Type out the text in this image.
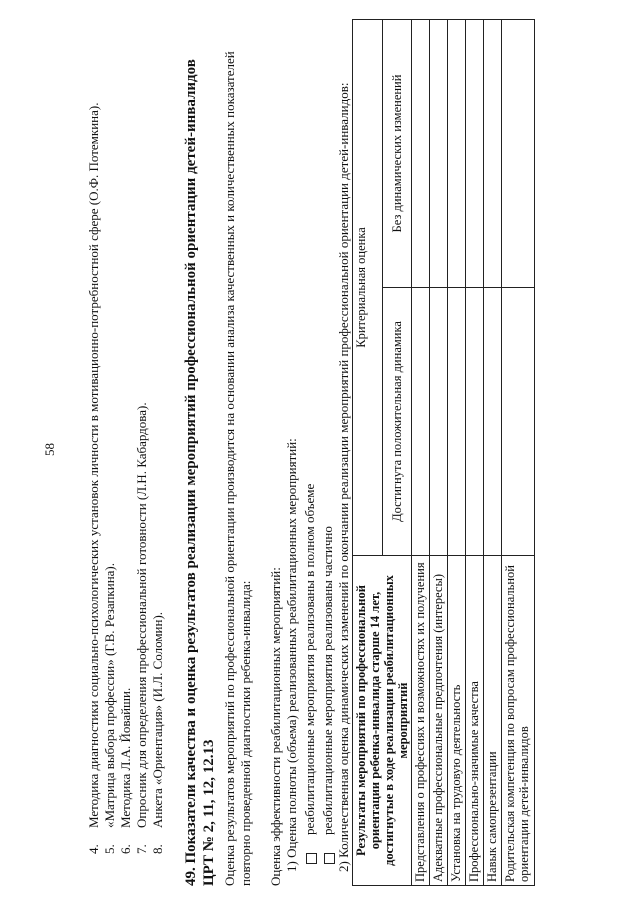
58
4.Методика диагностики социально-психологических установок личности в мотивационно-потребностной сфере (О.Ф. Потемкина).
5.«Матрица выбора профессии» (Г.В. Резапкина).
6.Методика Л.А. Йовайши.
7.Опросник для определения профессиональной готовности (Л.Н. Кабардова).
8.Анкета «Ориентация» (И.Л. Соломин). 49. Показатели качества и оценка результатов реализации мероприятий профессиональной ориентации детей-инвалидов ЦРТ № 2, 11, 12, 12.13 Оценка результатов мероприятий по профессиональной ориентации производится на основании анализа качественных и количественных показателей повторно проведенной диагностики ребенка-инвалида: Оценка эффективности реабилитационных мероприятий: 1) Оценка полноты (объема) реализованных реабилитационных мероприятий: реабилитационные мероприятия реализованы в полном объеме реабилитационные мероприятия реализованы частично 2) Количественная оценка динамических изменений по окончании реализации мероприятий профессиональной ориентации детей-инвалидов: Результаты мероприятий по профессиональной ориентации ребенка-инвалида старше 14 лет, достигнутые в ходе реализации реабилитационных мероприятий	Критериальная оценка	
	Достигнута положительная динамика	Без динамических изменений
Представления о профессиях и возможностях их получения		
Адекватные профессиональные предпочтения (интересы)		
Установка на трудовую деятельность		
Профессионально-значимые качества		
Навык самопрезентации		
Родительская компетенция по вопросам профессиональной ориентации детей-инвалидов		
